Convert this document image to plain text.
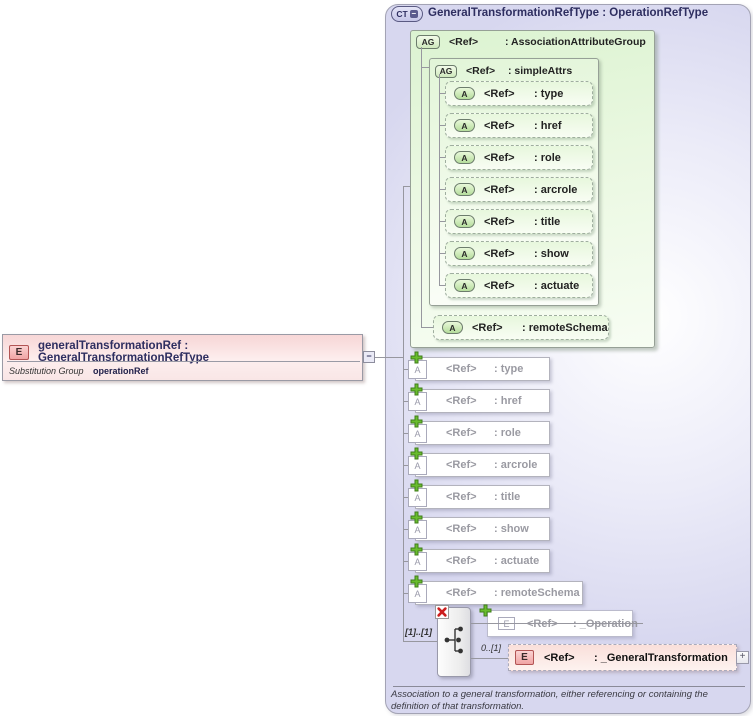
CT − GeneralTransformationRefType : OperationRefType
E	generalTransformationRef : GeneralTransformationRefType
Substitution Group operationRef
−
AG	<Ref>	: AssociationAttributeGroup
AG	<Ref>	: simpleAttrs
A	<Ref>	: type
A	<Ref>	: href
A	<Ref>	: role
A	<Ref>	: arcrole
A	<Ref>	: title
A	<Ref>	: show
A	<Ref>	: actuate
A	<Ref>	: remoteSchema
A <Ref>	: type
A <Ref>	: href
A <Ref>	: role
A <Ref>	: arcrole
A <Ref>	: title
A <Ref>	: show
A <Ref>	: actuate
A <Ref>	: remoteSchema
[1]..[1]
E	<Ref>	: _Operation
0..[1]
E	<Ref>	: _GeneralTransformation	+
Association to a general transformation, either referencing or containing the definition of that transformation.
